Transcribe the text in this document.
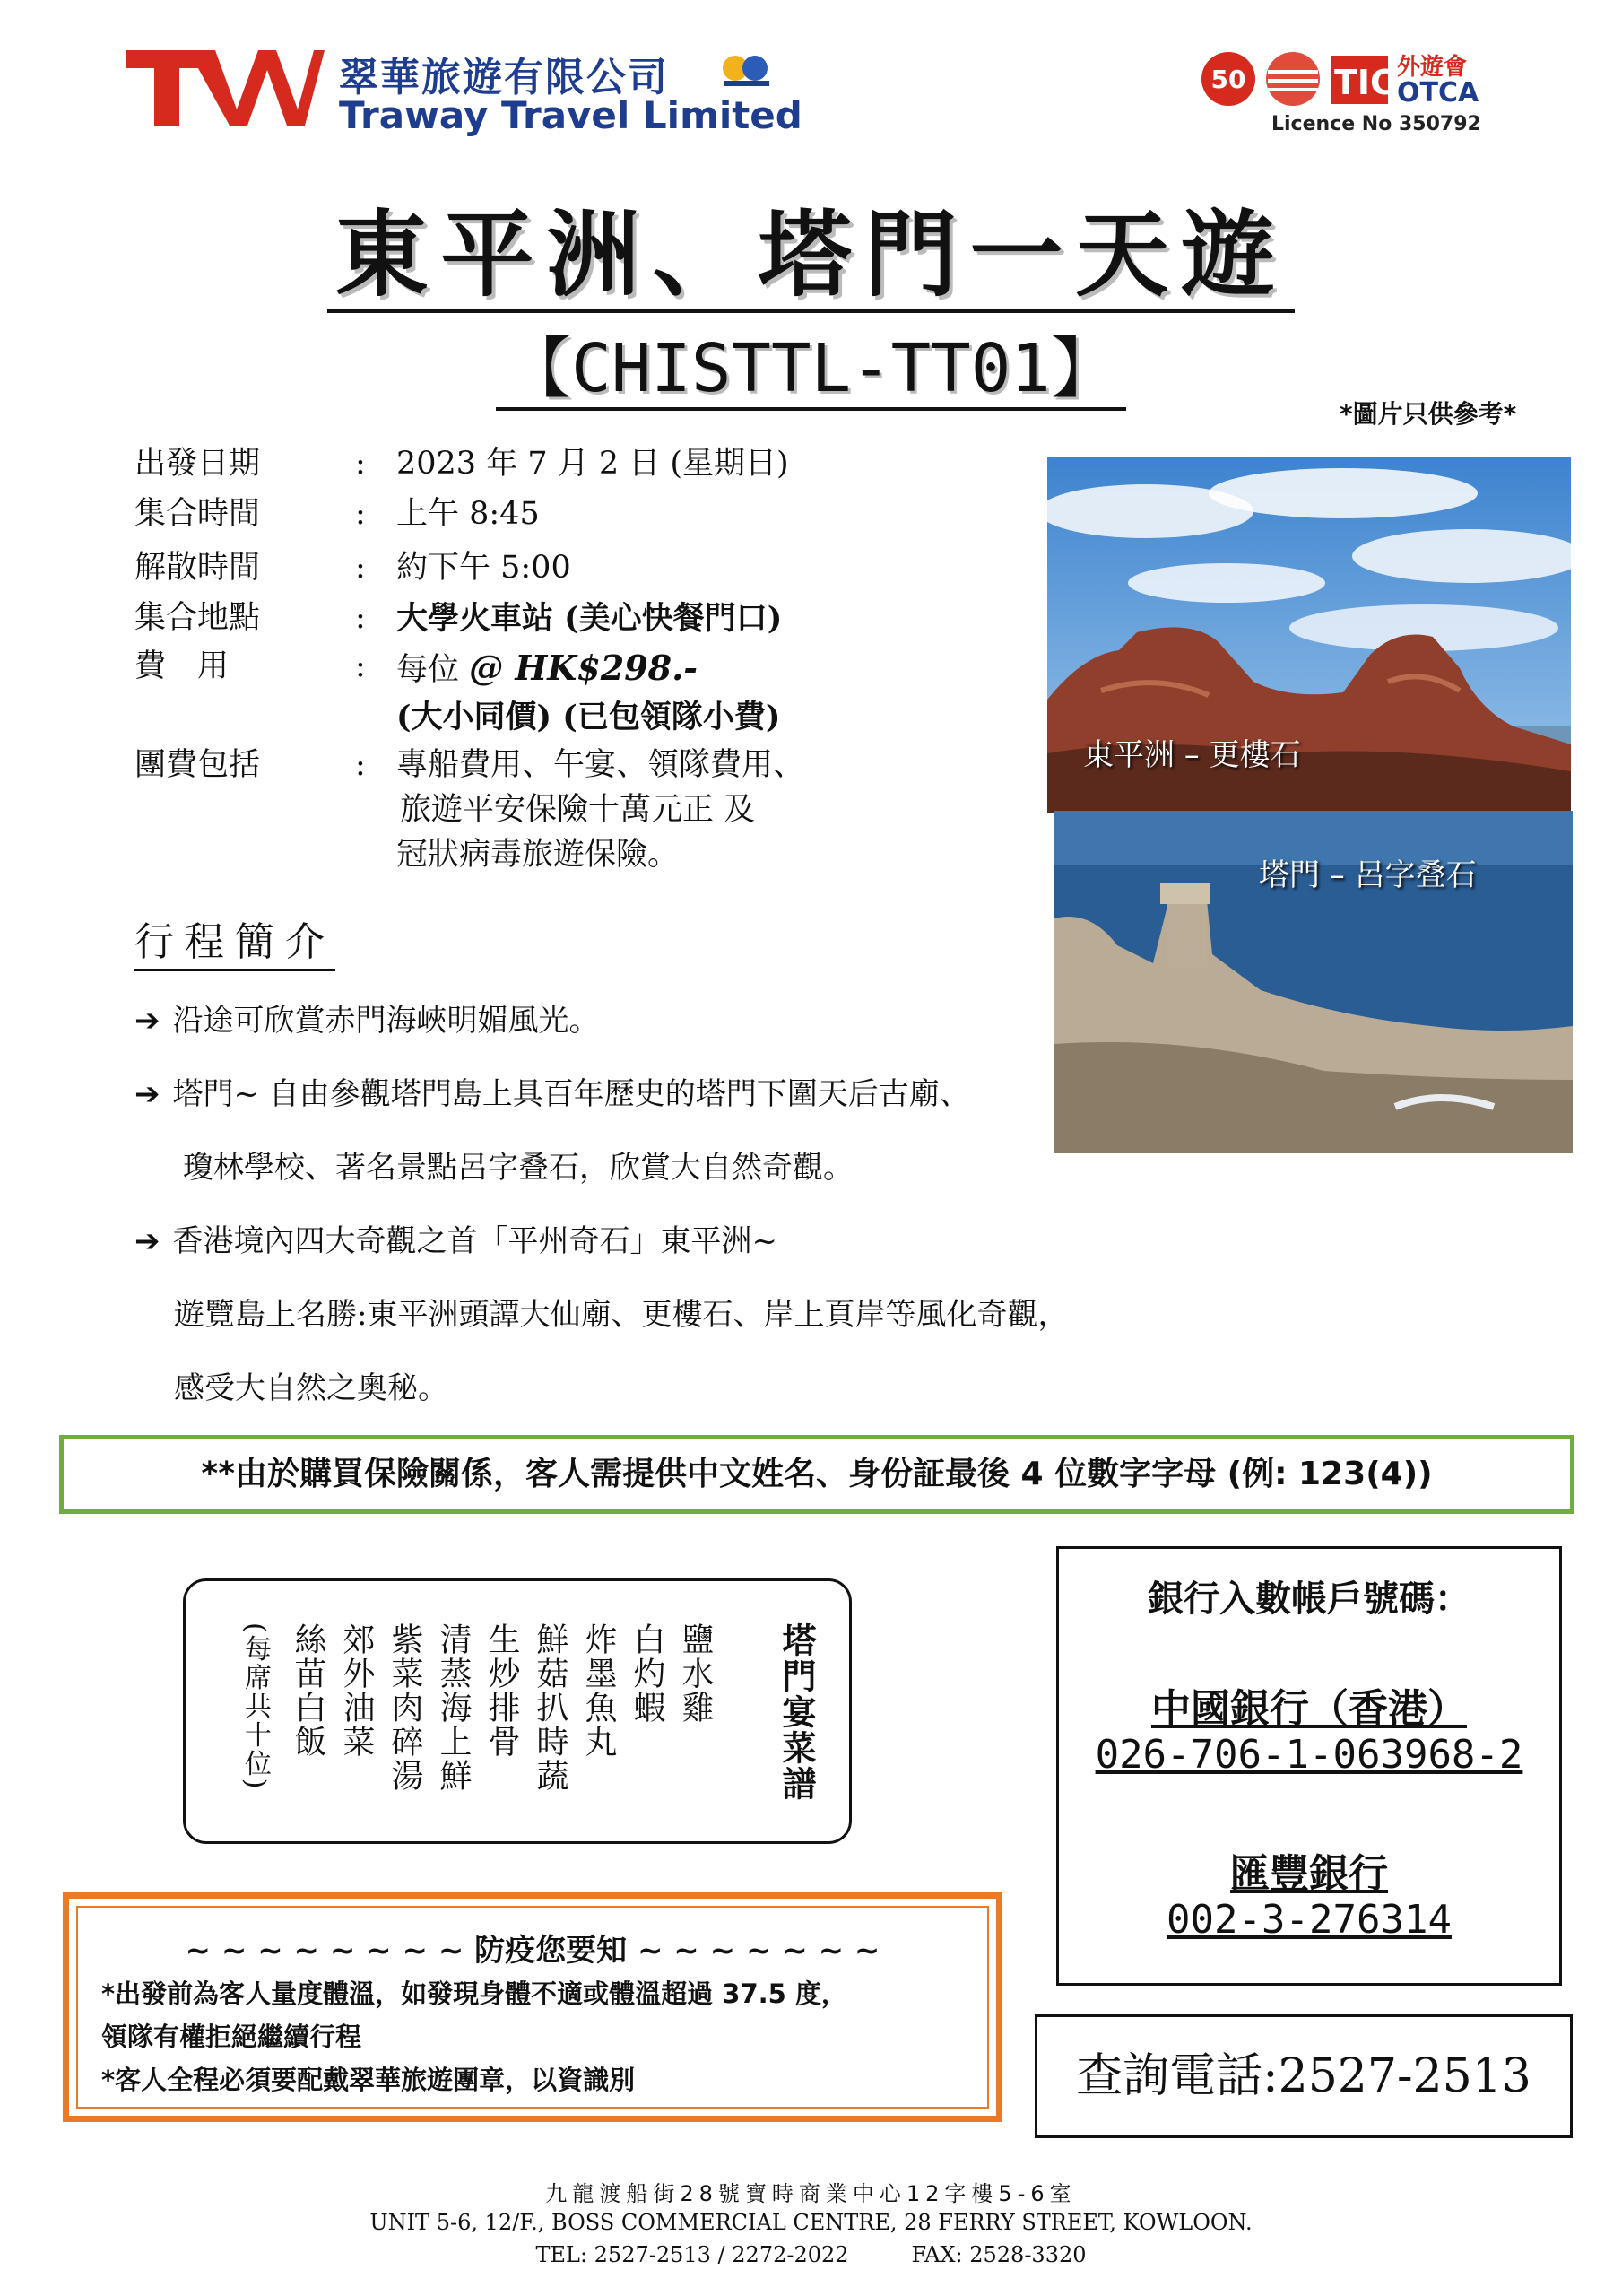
翠華旅遊有限公司
Traway Travel Limited
50	TIC 外遊會
OTCA
Licence No 350792
東平洲、塔門一天遊
【CHISTTL-TT01】
*圖片只供參考*
出發日期	: 2023 年 7 月 2 日 (星期日)
集合時間	: 上午 8:45
解散時間	: 約下午 5:00
集合地點	: 大學火車站 (美心快餐門口)
費　用	: 每位 @ HK$298.-
(大小同價) (已包領隊小費)
團費包括	: 專船費用、午宴、領隊費用、
旅遊平安保險十萬元正 及
冠狀病毒旅遊保險。
東平洲 – 更樓石
塔門 – 呂字叠石
行程簡介
➔ 沿途可欣賞赤門海峽明媚風光。
➔ 塔門~ 自由參觀塔門島上具百年歷史的塔門下圍天后古廟、
瓊林學校、著名景點呂字叠石，欣賞大自然奇觀。
➔ 香港境內四大奇觀之首「平州奇石」東平洲~
遊覽島上名勝:東平洲頭譚大仙廟、更樓石、岸上頁岸等風化奇觀，
感受大自然之奧秘。
**由於購買保險關係，客人需提供中文姓名、身份証最後 4 位數字字母 (例: 123(4))
塔門宴菜譜
鹽水雞
白灼蝦
炸墨魚丸
鮮菇扒時蔬
生炒排骨
清蒸海上鮮
紫菜肉碎湯
郊外油菜
絲苗白飯
(每席共十位)
~ ~ ~ ~ ~ ~ ~ ~ 防疫您要知 ~ ~ ~ ~ ~ ~ ~
*出發前為客人量度體溫，如發現身體不適或體溫超過 37.5 度，
領隊有權拒絕繼續行程
*客人全程必須要配戴翠華旅遊團章，以資識別
銀行入數帳戶號碼：
中國銀行（香港）
026-706-1-063968-2
匯豐銀行
002-3-276314
查詢電話:2527-2513
九龍渡船街28號寶時商業中心12字樓5-6室
UNIT 5-6, 12/F., BOSS COMMERCIAL CENTRE, 28 FERRY STREET, KOWLOON.
TEL: 2527-2513 / 2272-2022	FAX: 2528-3320
